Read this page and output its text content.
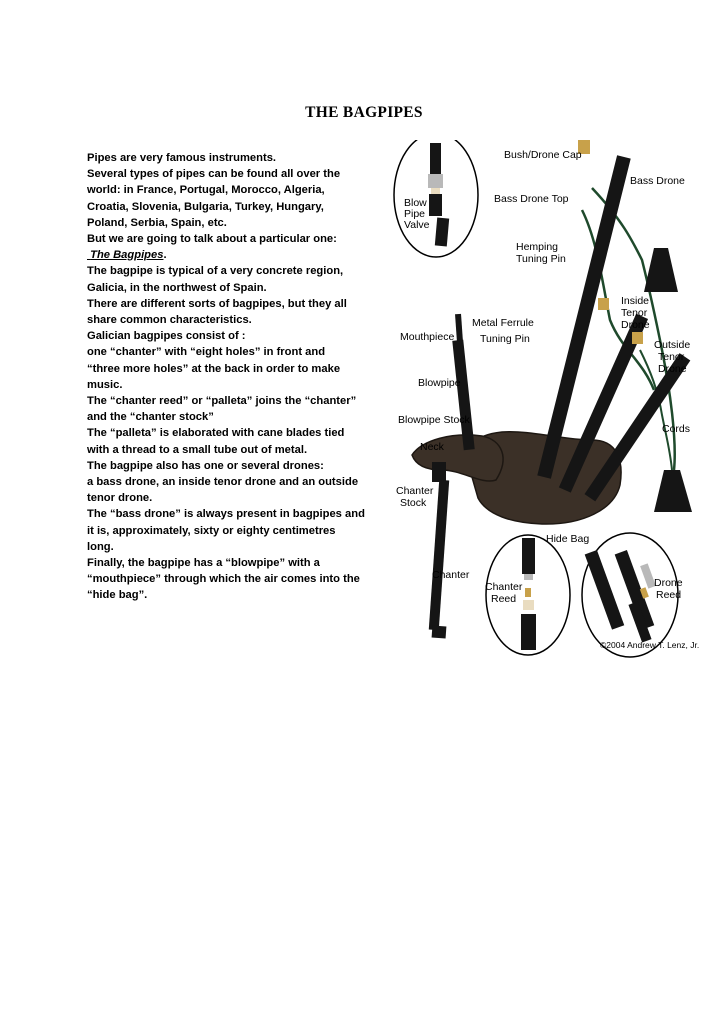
THE BAGPIPES
Pipes are very famous instruments.
Several types of pipes can be found all over the
world: in France, Portugal, Morocco, Algeria,
Croatia, Slovenia, Bulgaria, Turkey, Hungary,
Poland, Serbia, Spain, etc.
But we are going to talk about a particular one:
The Bagpipes.
The bagpipe is typical of a very concrete region,
Galicia, in the northwest of Spain.
There are different sorts of bagpipes, but they all
share common characteristics.
Galician bagpipes consist of :
one “chanter” with “eight holes” in front and
“three more holes” at the back in order to make
music.
The “chanter reed” or “palleta” joins the “chanter”
and the “chanter stock”
The “palleta” is elaborated with cane blades tied
with a thread to a small tube out of metal.
The bagpipe also has one or several drones:
a bass drone, an inside tenor drone and an outside
tenor drone.
The “bass drone” is always present in bagpipes and
it is, approximately, sixty or eighty centimetres
long.
Finally, the bagpipe has a “blowpipe” with a
“mouthpiece” through which the air comes into the
“hide bag”.
Bush/Drone Cap
Bass Drone
Blow
Pipe
Valve
Bass Drone Top
Hemping
Tuning Pin
Inside
Tenor
Drone
Metal Ferrule
Tuning Pin
Mouthpiece
Outside
Tenor
Drone
Blowpipe
Blowpipe Stock
Cords
Neck
Chanter
Stock
Hide Bag
Chanter
Chanter
Reed
Drone
Reed
©2004 Andrew T. Lenz, Jr.
